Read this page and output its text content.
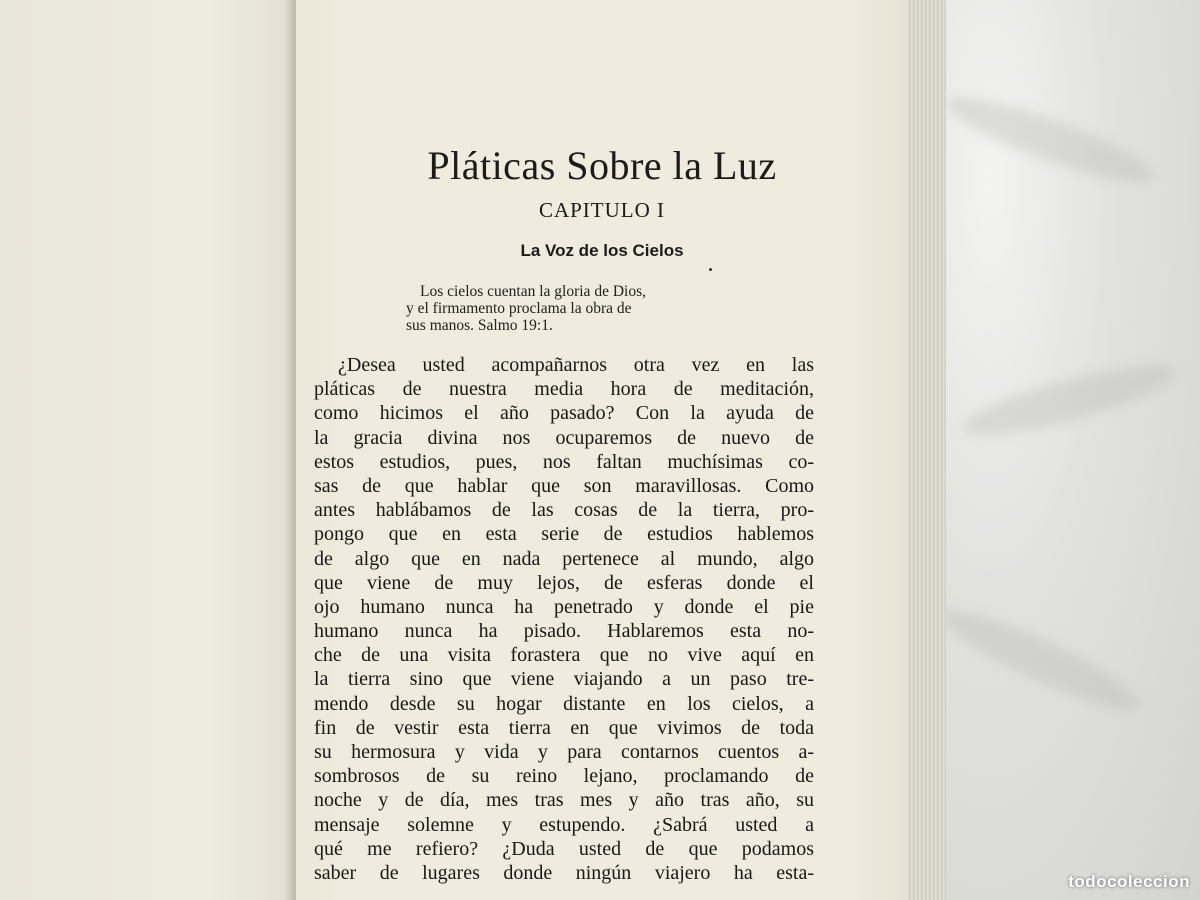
Pláticas Sobre la Luz
CAPITULO I
La Voz de los Cielos
Los cielos cuentan la gloria de Dios,
y el firmamento proclama la obra de
sus manos. Salmo 19:1.
¿Desea usted acompañarnos otra vez en las
pláticas de nuestra media hora de meditación,
como hicimos el año pasado? Con la ayuda de
la gracia divina nos ocuparemos de nuevo de
estos estudios, pues, nos faltan muchísimas co-
sas de que hablar que son maravillosas. Como
antes hablábamos de las cosas de la tierra, pro-
pongo que en esta serie de estudios hablemos
de algo que en nada pertenece al mundo, algo
que viene de muy lejos, de esferas donde el
ojo humano nunca ha penetrado y donde el pie
humano nunca ha pisado. Hablaremos esta no-
che de una visita forastera que no vive aquí en
la tierra sino que viene viajando a un paso tre-
mendo desde su hogar distante en los cielos, a
fin de vestir esta tierra en que vivimos de toda
su hermosura y vida y para contarnos cuentos a-
sombrosos de su reino lejano, proclamando de
noche y de día, mes tras mes y año tras año, su
mensaje solemne y estupendo. ¿Sabrá usted a
qué me refiero? ¿Duda usted de que podamos
saber de lugares donde ningún viajero ha esta-	todocoleccion
